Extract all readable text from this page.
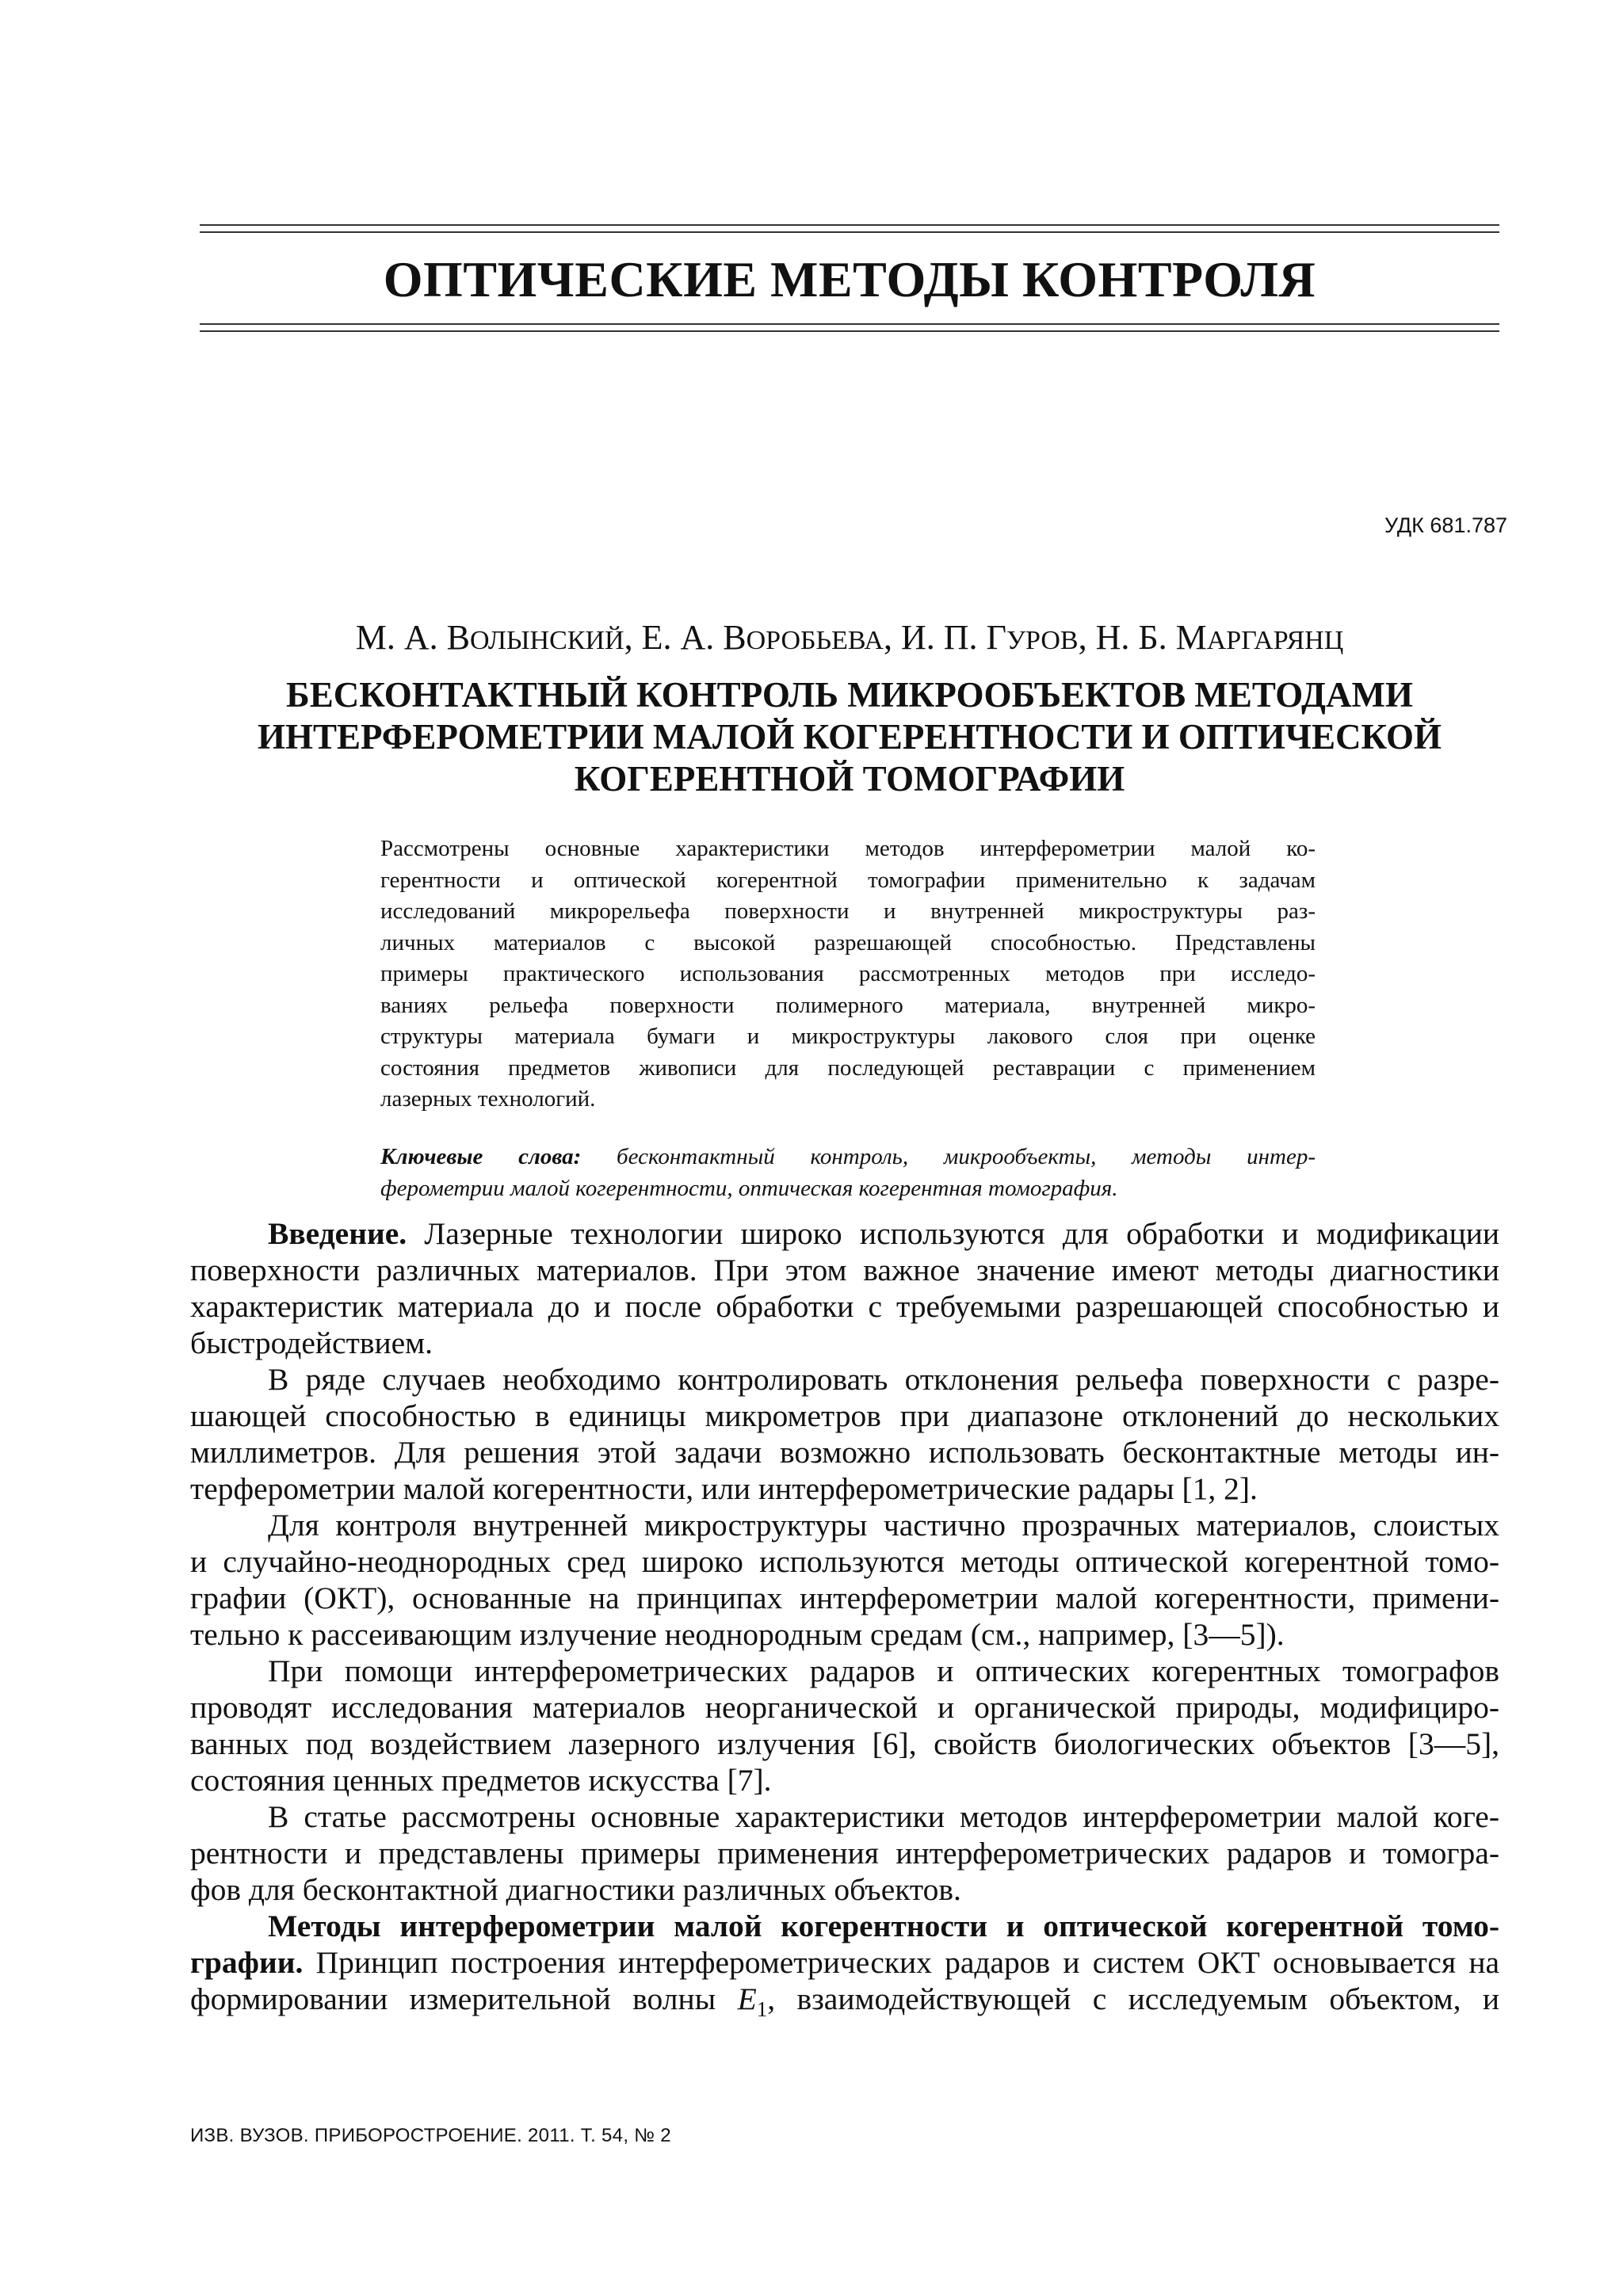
ОПТИЧЕСКИЕ МЕТОДЫ КОНТРОЛЯ
УДК 681.787
М. А. ВОЛЫНСКИЙ, Е. А. ВОРОБЬЕВА, И. П. ГУРОВ, Н. Б. МАРГАРЯНЦ
БЕСКОНТАКТНЫЙ КОНТРОЛЬ МИКРООБЪЕКТОВ МЕТОДАМИ
ИНТЕРФЕРОМЕТРИИ МАЛОЙ КОГЕРЕНТНОСТИ И ОПТИЧЕСКОЙ
КОГЕРЕНТНОЙ ТОМОГРАФИИ
Рассмотрены основные характеристики методов интерферометрии малой ко-
герентности и оптической когерентной томографии применительно к задачам
исследований микрорельефа поверхности и внутренней микроструктуры раз-
личных материалов с высокой разрешающей способностью. Представлены
примеры практического использования рассмотренных методов при исследо-
ваниях рельефа поверхности полимерного материала, внутренней микро-
структуры материала бумаги и микроструктуры лакового слоя при оценке
состояния предметов живописи для последующей реставрации с применением
лазерных технологий.
Ключевые слова: бесконтактный контроль, микрообъекты, методы интер-
ферометрии малой когерентности, оптическая когерентная томография.
Введение. Лазерные технологии широко используются для обработки и модификации
поверхности различных материалов. При этом важное значение имеют методы диагностики
характеристик материала до и после обработки с требуемыми разрешающей способностью и
быстродействием.
В ряде случаев необходимо контролировать отклонения рельефа поверхности с разре-
шающей способностью в единицы микрометров при диапазоне отклонений до нескольких
миллиметров. Для решения этой задачи возможно использовать бесконтактные методы ин-
терферометрии малой когерентности, или интерферометрические радары [1, 2].
Для контроля внутренней микроструктуры частично прозрачных материалов, слоистых
и случайно-неоднородных сред широко используются методы оптической когерентной томо-
графии (ОКТ), основанные на принципах интерферометрии малой когерентности, примени-
тельно к рассеивающим излучение неоднородным средам (см., например, [3—5]).
При помощи интерферометрических радаров и оптических когерентных томографов
проводят исследования материалов неорганической и органической природы, модифициро-
ванных под воздействием лазерного излучения [6], свойств биологических объектов [3—5],
состояния ценных предметов искусства [7].
В статье рассмотрены основные характеристики методов интерферометрии малой коге-
рентности и представлены примеры применения интерферометрических радаров и томогра-
фов для бесконтактной диагностики различных объектов.
Методы интерферометрии малой когерентности и оптической когерентной томо-
графии. Принцип построения интерферометрических радаров и систем ОКТ основывается на
формировании измерительной волны $E_1$, взаимодействующей с исследуемым объектом, и
ИЗВ. ВУЗОВ. ПРИБОРОСТРОЕНИЕ. 2011. Т. 54, № 2
